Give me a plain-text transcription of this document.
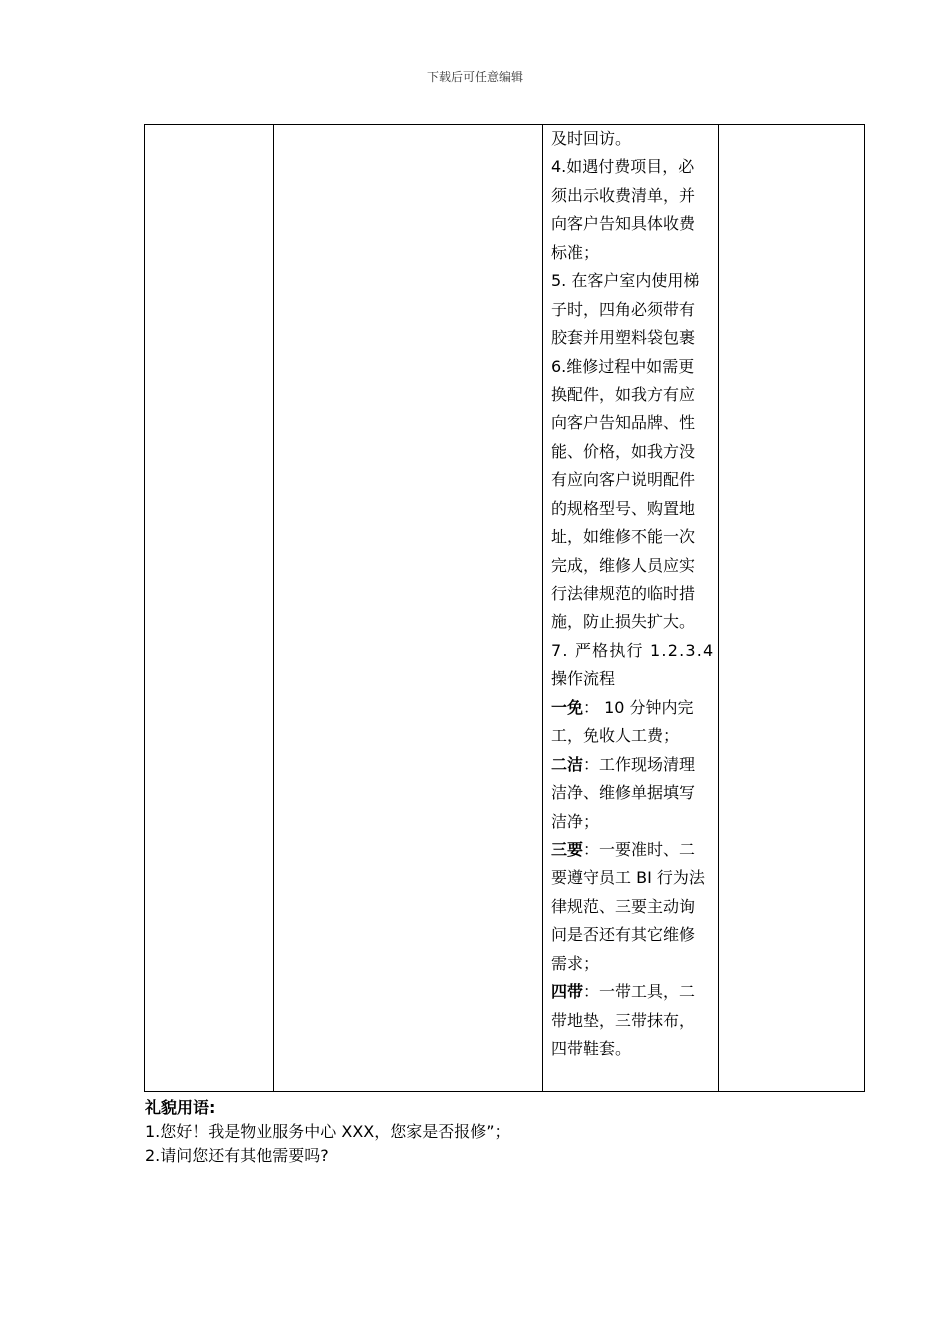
下载后可任意编辑
及时回访。
4.如遇付费项目，必
须出示收费清单，并
向客户告知具体收费
标准；
5. 在客户室内使用梯
子时，四角必须带有
胶套并用塑料袋包裹
6.维修过程中如需更
换配件，如我方有应
向客户告知品牌、性
能、价格，如我方没
有应向客户说明配件
的规格型号、购置地
址，如维修不能一次
完成，维修人员应实
行法律规范的临时措
施，防止损失扩大。
7. 严格执行 1.2.3.4
操作流程
一免： 10 分钟内完
工，免收人工费；
二洁：工作现场清理
洁净、维修单据填写
洁净；
三要：一要准时、二
要遵守员工 BI 行为法
律规范、三要主动询
问是否还有其它维修
需求；
四带：一带工具，二
带地垫，三带抹布，
四带鞋套。
礼貌用语:
1.您好！我是物业服务中心 XXX，您家是否报修”；
2.请问您还有其他需要吗?
